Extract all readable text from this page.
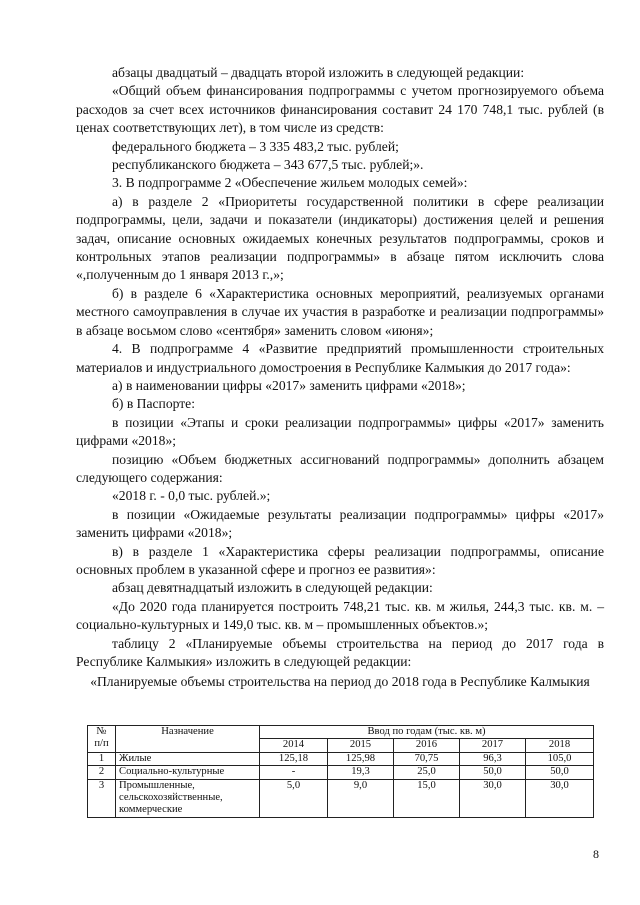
абзацы двадцатый – двадцать второй изложить в следующей редакции:

«Общий объем финансирования подпрограммы с учетом прогнозируемого объема расходов за счет всех источников финансирования составит 24 170 748,1 тыс. рублей (в ценах соответствующих лет), в том числе из средств:

федерального бюджета – 3 335 483,2 тыс. рублей;

республиканского бюджета – 343 677,5 тыс. рублей;».

3. В подпрограмме 2 «Обеспечение жильем молодых семей»:

а) в разделе 2 «Приоритеты государственной политики в сфере реализации подпрограммы, цели, задачи и показатели (индикаторы) достижения целей и решения задач, описание основных ожидаемых конечных результатов подпрограммы, сроков и контрольных этапов реализации подпрограммы» в абзаце пятом исключить слова «,полученным до 1 января 2013 г.,»;

б) в разделе 6 «Характеристика основных мероприятий, реализуемых органами местного самоуправления в случае их участия в разработке и реализации подпрограммы» в абзаце восьмом слово «сентября» заменить словом «июня»;

4. В подпрограмме 4 «Развитие предприятий промышленности строительных материалов и индустриального домостроения в Республике Калмыкия до 2017 года»:

а) в наименовании цифры «2017» заменить цифрами «2018»;

б) в Паспорте:

в позиции «Этапы и сроки реализации подпрограммы» цифры «2017» заменить цифрами «2018»;

позицию «Объем бюджетных ассигнований подпрограммы» дополнить абзацем следующего содержания:

«2018 г. - 0,0 тыс. рублей.»;

в позиции «Ожидаемые результаты реализации подпрограммы» цифры «2017» заменить цифрами «2018»;

в) в разделе 1 «Характеристика сферы реализации подпрограммы, описание основных проблем в указанной сфере и прогноз ее развития»:

абзац девятнадцатый изложить в следующей редакции:

«До 2020 года планируется построить 748,21 тыс. кв. м жилья, 244,3 тыс. кв. м. – социально-культурных и 149,0 тыс. кв. м – промышленных объектов.»;

таблицу 2 «Планируемые объемы строительства на период до 2017 года в Республике Калмыкия» изложить в следующей редакции:

«Планируемые объемы строительства на период до 2018 года в Республике Калмыкия
№ п/п	Назначение	Ввод по годам (тыс. кв. м)				
		2014	2015	2016	2017	2018
1	Жилые	125,18	125,98	70,75	96,3	105,0
2	Социально-культурные	-	19,3	25,0	50,0	50,0
3	Промышленные, сельскохозяйственные, коммерческие	5,0	9,0	15,0	30,0	30,0
8
